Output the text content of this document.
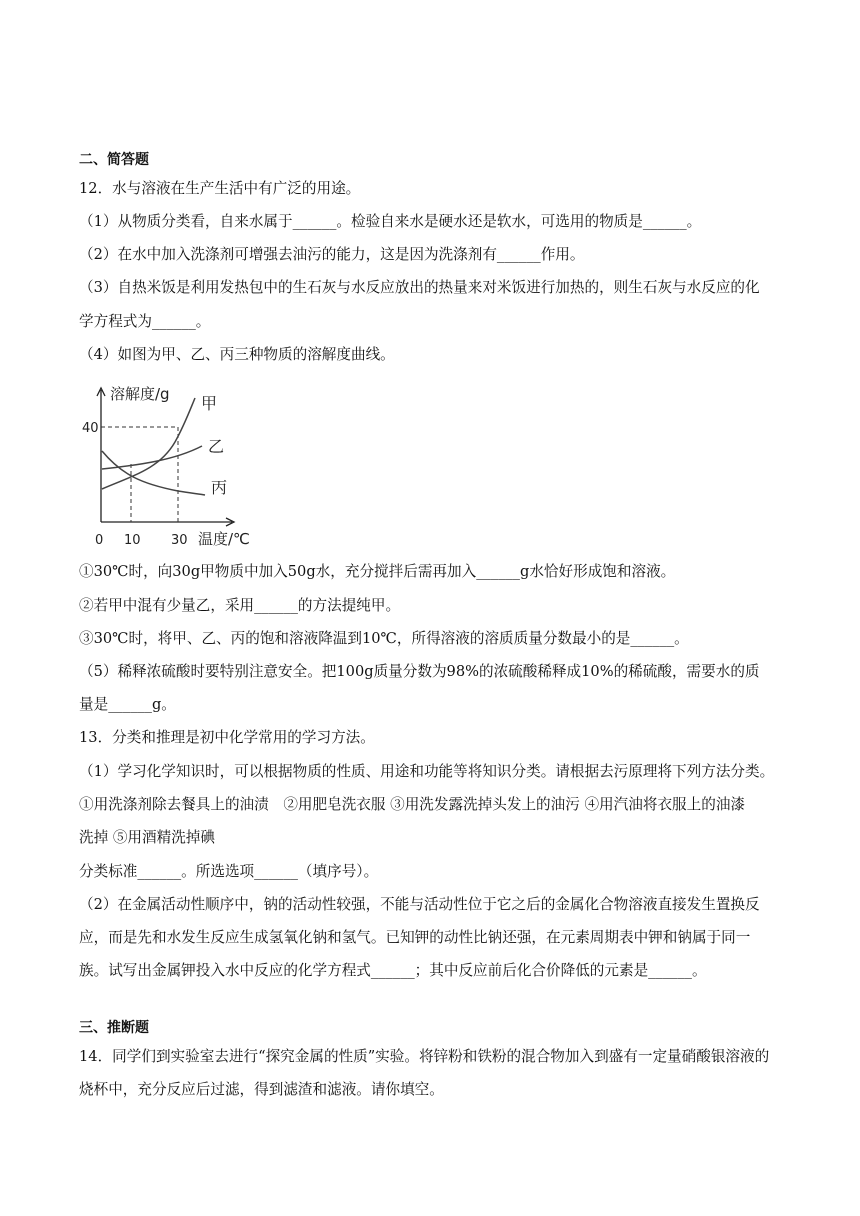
二、简答题
12．水与溶液在生产生活中有广泛的用途。
（1）从物质分类看，自来水属于______。检验自来水是硬水还是软水，可选用的物质是______。
（2）在水中加入洗涤剂可增强去油污的能力，这是因为洗涤剂有______作用。
（3）自热米饭是利用发热包中的生石灰与水反应放出的热量来对米饭进行加热的，则生石灰与水反应的化
学方程式为______。
（4）如图为甲、乙、丙三种物质的溶解度曲线。
溶解度/g
40
0 10 30 温度/℃
甲
乙
丙
①30℃时，向30g甲物质中加入50g水，充分搅拌后需再加入______g水恰好形成饱和溶液。
②若甲中混有少量乙，采用______的方法提纯甲。
③30℃时，将甲、乙、丙的饱和溶液降温到10℃，所得溶液的溶质质量分数最小的是______。
（5）稀释浓硫酸时要特别注意安全。把100g质量分数为98%的浓硫酸稀释成10%的稀硫酸，需要水的质
量是______g。
13．分类和推理是初中化学常用的学习方法。
（1）学习化学知识时，可以根据物质的性质、用途和功能等将知识分类。请根据去污原理将下列方法分类。
①用洗涤剂除去餐具上的油渍　②用肥皂洗衣服 ③用洗发露洗掉头发上的油污 ④用汽油将衣服上的油漆
洗掉 ⑤用酒精洗掉碘
分类标准______。所选选项______（填序号）。
（2）在金属活动性顺序中，钠的活动性较强，不能与活动性位于它之后的金属化合物溶液直接发生置换反
应，而是先和水发生反应生成氢氧化钠和氢气。已知钾的动性比钠还强，在元素周期表中钾和钠属于同一
族。试写出金属钾投入水中反应的化学方程式______；其中反应前后化合价降低的元素是______。
三、推断题
14．同学们到实验室去进行“探究金属的性质”实验。将锌粉和铁粉的混合物加入到盛有一定量硝酸银溶液的
烧杯中，充分反应后过滤，得到滤渣和滤液。请你填空。
